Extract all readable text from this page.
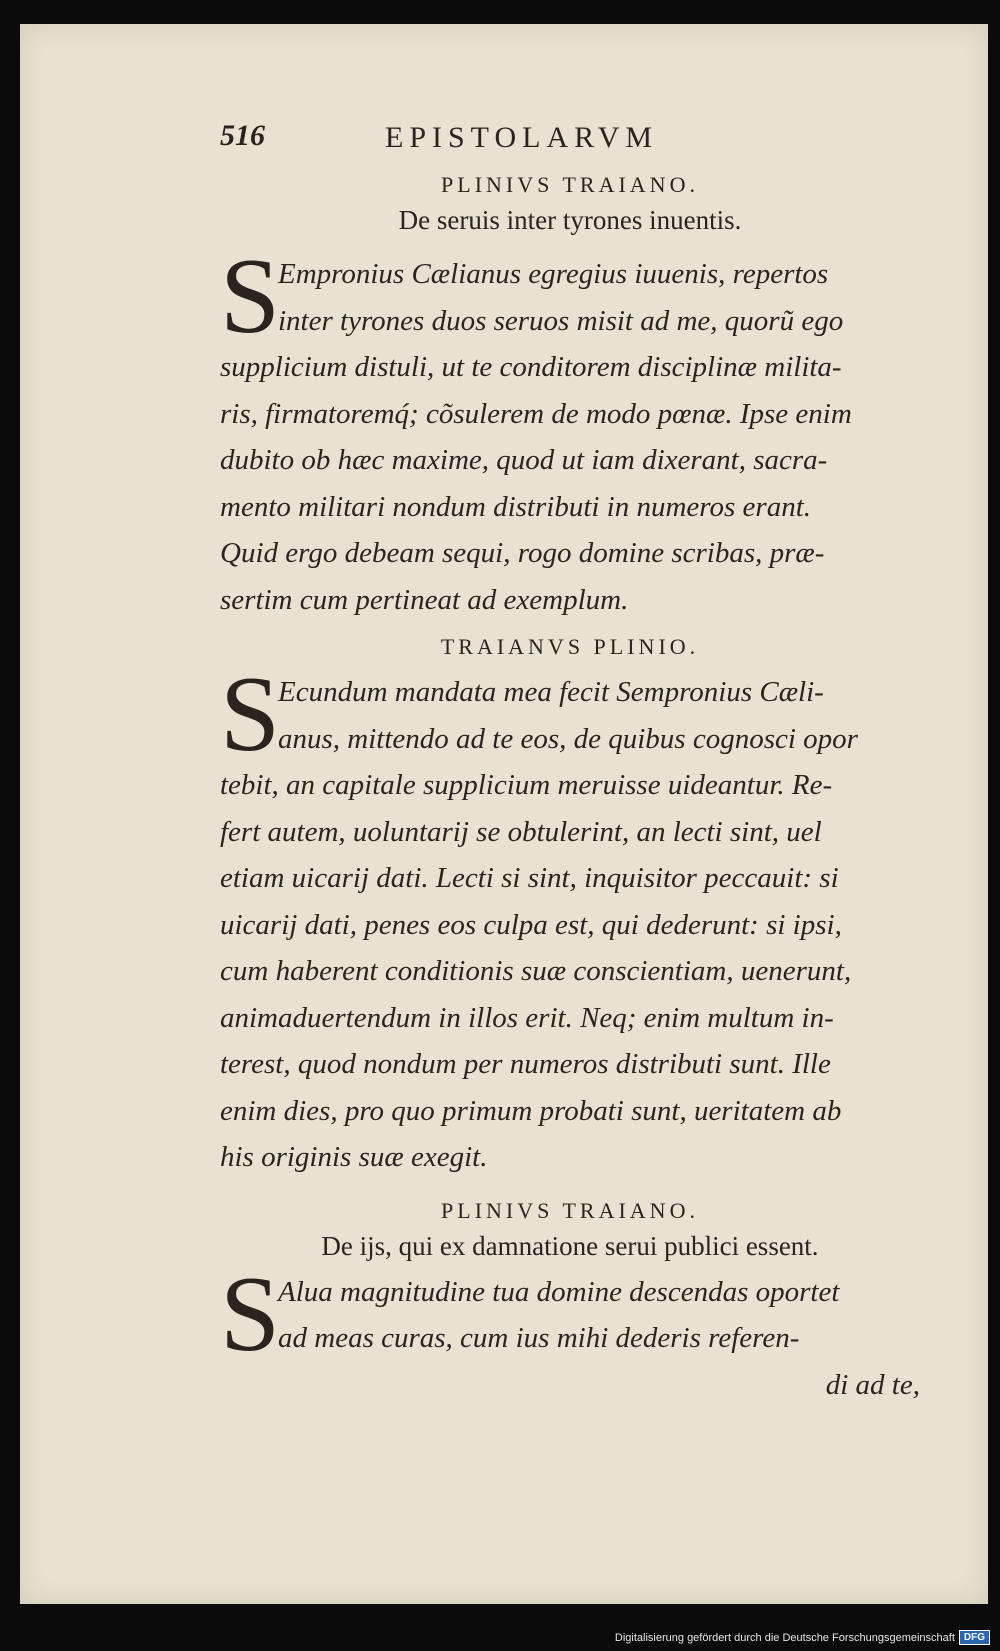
516	EPISTOLARVM
PLINIVS TRAIANO.
De seruis inter tyrones inuentis.
S
Empronius Cælianus egregius iuuenis, repertos
inter tyrones duos seruos misit ad me, quorũ ego
supplicium distuli, ut te conditorem disciplinæ milita-
ris, firmatoremq́; cõsulerem de modo pœnæ. Ipse enim
dubito ob hæc maxime, quod ut iam dixerant, sacra-
mento militari nondum distributi in numeros erant.
Quid ergo debeam sequi, rogo domine scribas, præ-
sertim cum pertineat ad exemplum.
TRAIANVS PLINIO.
S
Ecundum mandata mea fecit Sempronius Cæli-
anus, mittendo ad te eos, de quibus cognosci opor
tebit, an capitale supplicium meruisse uideantur. Re-
fert autem, uoluntarij se obtulerint, an lecti sint, uel
etiam uicarij dati. Lecti si sint, inquisitor peccauit: si
uicarij dati, penes eos culpa est, qui dederunt: si ipsi,
cum haberent conditionis suæ conscientiam, uenerunt,
animaduertendum in illos erit. Neq; enim multum in-
terest, quod nondum per numeros distributi sunt. Ille
enim dies, pro quo primum probati sunt, ueritatem ab
his originis suæ exegit.
PLINIVS TRAIANO.
De ijs, qui ex damnatione serui publici essent.
S
Alua magnitudine tua domine descendas oportet
ad meas curas, cum ius mihi dederis referen-
di ad te,
Digitalisierung gefördert durch die Deutsche Forschungsgemeinschaft DFG
